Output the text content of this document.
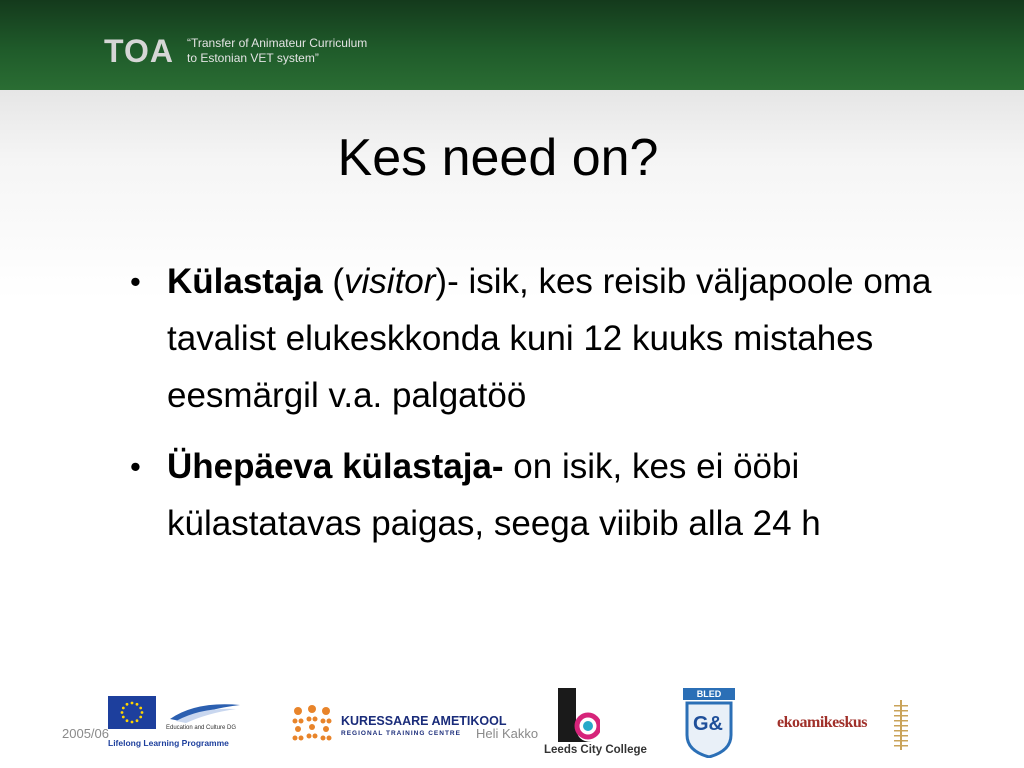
TOA “Transfer of Animateur Curriculum
to Estonian VET system”
Kes need on?
• Külastaja (visitor)- isik, kes reisib väljapoole oma tavalist elukeskkonda kuni 12 kuuks mistahes eesmärgil v.a. palgatöö
• Ühepäeva külastaja- on isik, kes ei ööbi külastatavas paigas, seega viibib alla 24 h
Education and Culture DG
Lifelong Learning Programme
2005/06
KURESSAARE AMETIKOOL
REGIONAL TRAINING CENTRE Heli Kakko
Leeds City College
BLED
G&	ekoamikeskus
